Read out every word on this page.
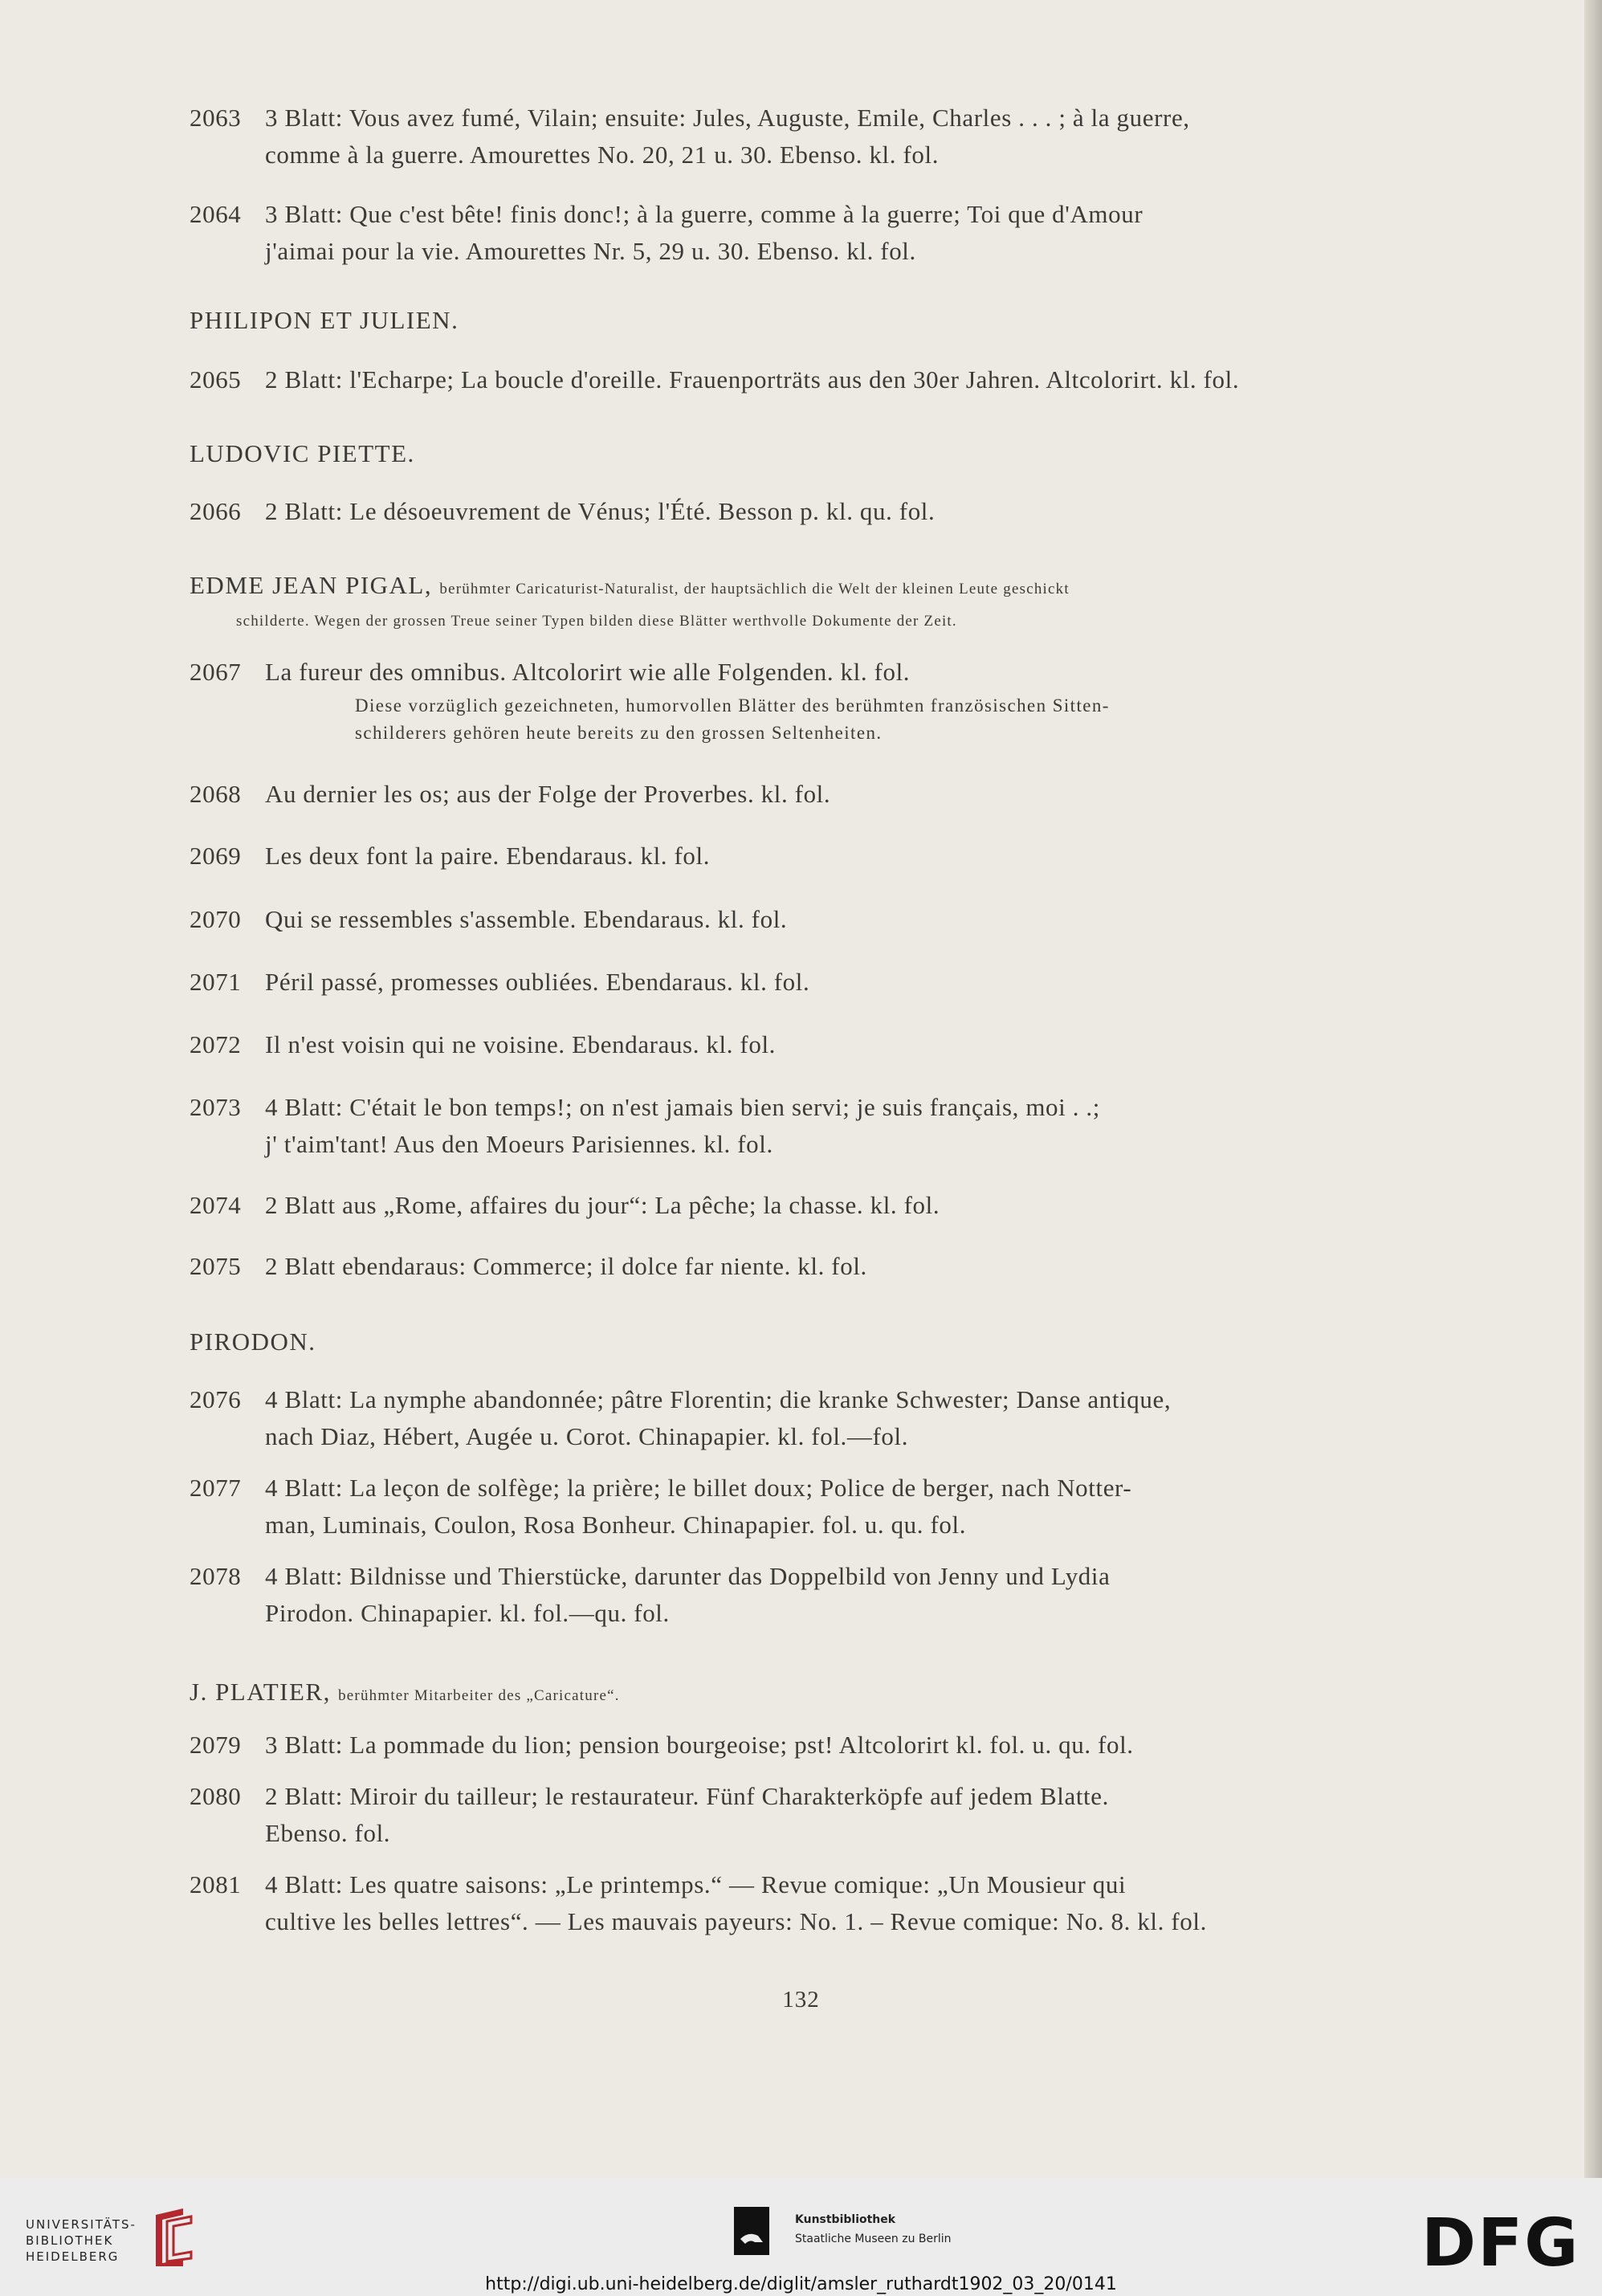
2063 3 Blatt: Vous avez fumé, Vilain; ensuite: Jules, Auguste, Emile, Charles . . . ; à la guerre,
comme à la guerre. Amourettes No. 20, 21 u. 30. Ebenso. kl. fol.
2064 3 Blatt: Que c'est bête! finis donc!; à la guerre, comme à la guerre; Toi que d'Amour
j'aimai pour la vie. Amourettes Nr. 5, 29 u. 30. Ebenso. kl. fol.
PHILIPON ET JULIEN.
2065 2 Blatt: l'Echarpe; La boucle d'oreille. Frauenporträts aus den 30er Jahren. Altcolorirt. kl. fol.
LUDOVIC PIETTE.
2066 2 Blatt: Le désoeuvrement de Vénus; l'Été. Besson p. kl. qu. fol.
EDME JEAN PIGAL, berühmter Caricaturist-Naturalist, der hauptsächlich die Welt der kleinen Leute geschickt
schilderte. Wegen der grossen Treue seiner Typen bilden diese Blätter werthvolle Dokumente der Zeit.
2067 La fureur des omnibus. Altcolorirt wie alle Folgenden. kl. fol.
Diese vorzüglich gezeichneten, humorvollen Blätter des berühmten französischen Sitten-
schilderers gehören heute bereits zu den grossen Seltenheiten.
2068 Au dernier les os; aus der Folge der Proverbes. kl. fol.
2069 Les deux font la paire. Ebendaraus. kl. fol.
2070 Qui se ressembles s'assemble. Ebendaraus. kl. fol.
2071 Péril passé, promesses oubliées. Ebendaraus. kl. fol.
2072 Il n'est voisin qui ne voisine. Ebendaraus. kl. fol.
2073 4 Blatt: C'était le bon temps!; on n'est jamais bien servi; je suis français, moi . .;
j' t'aim'tant! Aus den Moeurs Parisiennes. kl. fol.
2074 2 Blatt aus „Rome, affaires du jour“: La pêche; la chasse. kl. fol.
2075 2 Blatt ebendaraus: Commerce; il dolce far niente. kl. fol.
PIRODON.
2076 4 Blatt: La nymphe abandonnée; pâtre Florentin; die kranke Schwester; Danse antique,
nach Diaz, Hébert, Augée u. Corot. Chinapapier. kl. fol.—fol.
2077 4 Blatt: La leçon de solfège; la prière; le billet doux; Police de berger, nach Notter-
man, Luminais, Coulon, Rosa Bonheur. Chinapapier. fol. u. qu. fol.
2078 4 Blatt: Bildnisse und Thierstücke, darunter das Doppelbild von Jenny und Lydia
Pirodon. Chinapapier. kl. fol.—qu. fol.
J. PLATIER, berühmter Mitarbeiter des „Caricature“.
2079 3 Blatt: La pommade du lion; pension bourgeoise; pst! Altcolorirt kl. fol. u. qu. fol.
2080 2 Blatt: Miroir du tailleur; le restaurateur. Fünf Charakterköpfe auf jedem Blatte.
Ebenso. fol.
2081 4 Blatt: Les quatre saisons: „Le printemps.“ — Revue comique: „Un Mousieur qui
cultive les belles lettres“. — Les mauvais payeurs: No. 1. – Revue comique: No. 8. kl. fol.
132
UNIVERSITÄTS-
BIBLIOTHEK
HEIDELBERG
Kunstbibliothek
Staatliche Museen zu Berlin	DFG
http://digi.ub.uni-heidelberg.de/diglit/amsler_ruthardt1902_03_20/0141
